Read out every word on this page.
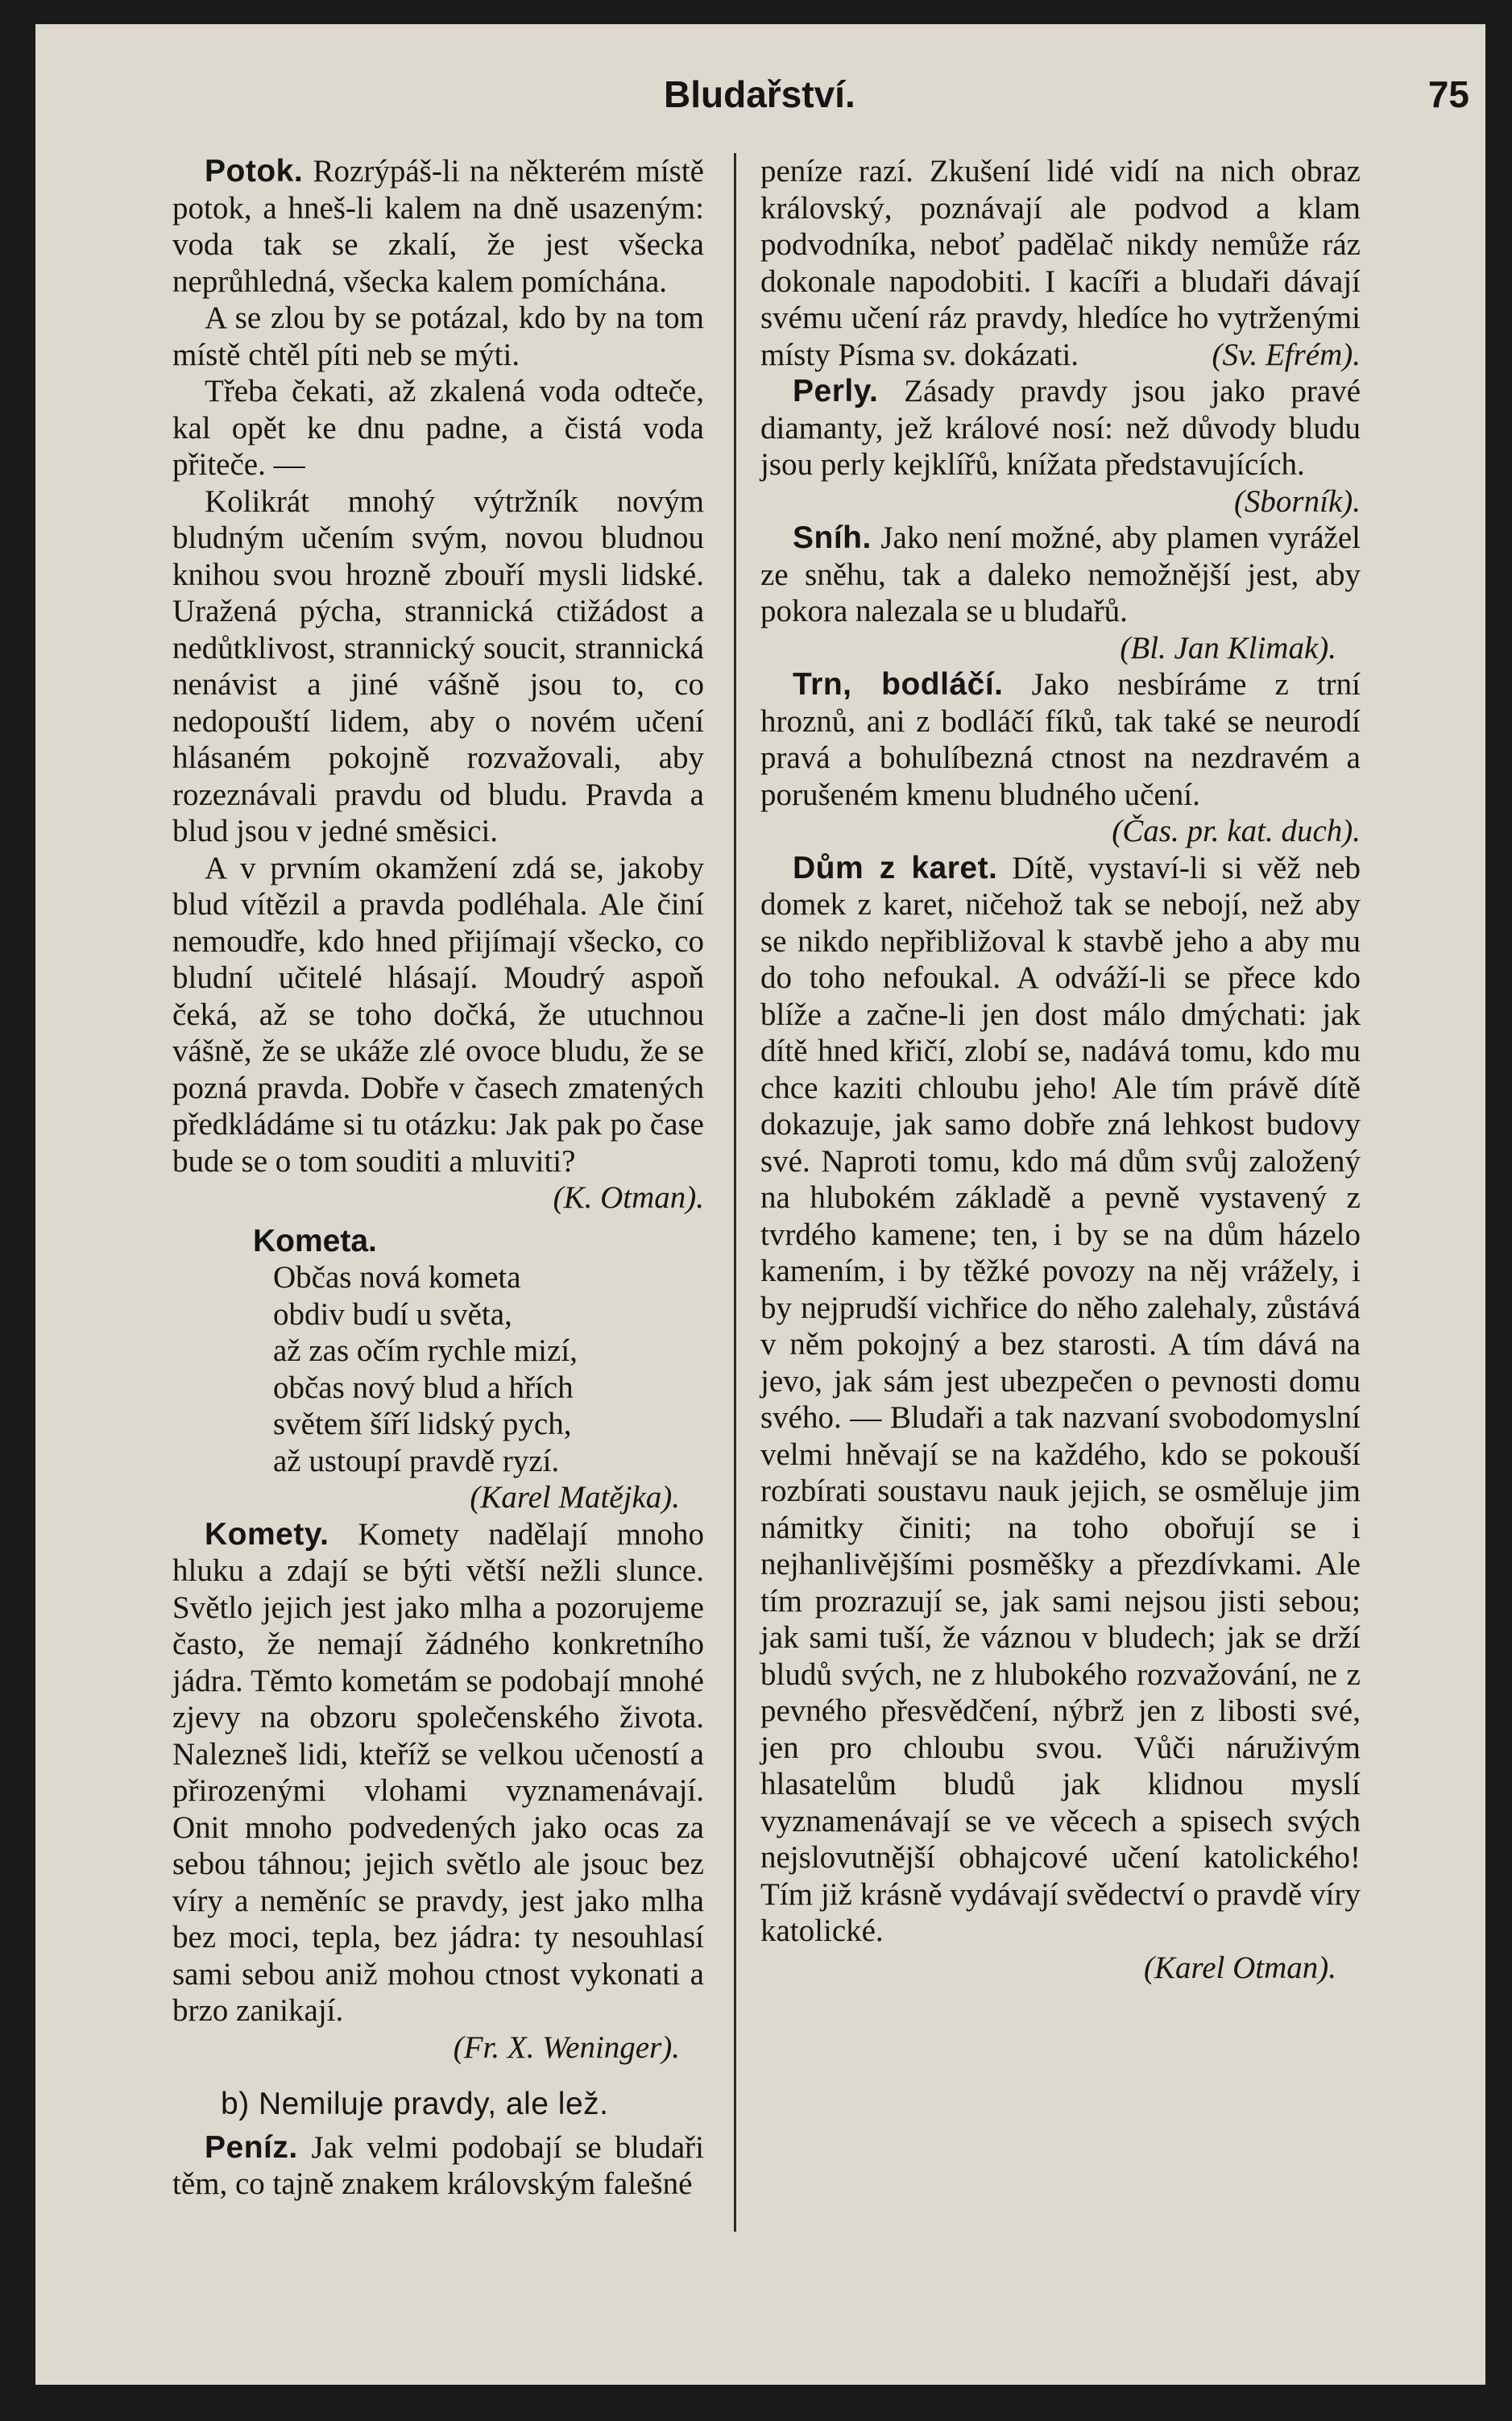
Bludařství.	75

Potok. Rozrýpáš-li na některém místě potok, a hneš-li kalem na dně usazeným: voda tak se zkalí, že jest všecka neprůhledná, všecka kalem pomíchána.

A se zlou by se potázal, kdo by na tom místě chtěl píti neb se mýti.

Třeba čekati, až zkalená voda odteče, kal opět ke dnu padne, a čistá voda přiteče. —

Kolikrát mnohý výtržník novým bludným učením svým, novou bludnou knihou svou hrozně zbouří mysli lidské. Uražená pýcha, strannická ctižádost a nedůtklivost, strannický soucit, strannická nenávist a jiné vášně jsou to, co nedopouští lidem, aby o novém učení hlásaném pokojně rozvažovali, aby rozeznávali pravdu od bludu. Pravda a blud jsou v jedné směsici.

A v prvním okamžení zdá se, jakoby blud vítězil a pravda podléhala. Ale činí nemoudře, kdo hned přijímají všecko, co bludní učitelé hlásají. Moudrý aspoň čeká, až se toho dočká, že utuchnou vášně, že se ukáže zlé ovoce bludu, že se pozná pravda. Dobře v časech zmatených předkládáme si tu otázku: Jak pak po čase bude se o tom souditi a mluviti?
(K. Otman).

Kometa.
Občas nová kometa
obdiv budí u světa,
až zas očím rychle mizí,
občas nový blud a hřích
světem šíří lidský pych,
až ustoupí pravdě ryzí.
(Karel Matějka).

Komety. Komety nadělají mnoho hluku a zdají se býti větší nežli slunce. Světlo jejich jest jako mlha a pozorujeme často, že nemají žádného konkretního jádra. Těmto kometám se podobají mnohé zjevy na obzoru společenského života. Nalezneš lidi, kteříž se velkou učeností a přirozenými vlohami vyznamenávají. Onit mnoho podvedených jako ocas za sebou táhnou; jejich světlo ale jsouc bez víry a neměníc se pravdy, jest jako mlha bez moci, tepla, bez jádra: ty nesouhlasí sami sebou aniž mohou ctnost vykonati a brzo zanikají.

(Fr. X. Weninger).
b) Nemiluje pravdy, ale lež.

Peníz. Jak velmi podobají se bludaři těm, co tajně znakem královským falešné

peníze razí. Zkušení lidé vidí na nich obraz královský, poznávají ale podvod a klam podvodníka, neboť padělač nikdy nemůže ráz dokonale napodobiti. I kacíři a bludaři dávají svému učení ráz pravdy, hledíce ho vytrženými místy Písma sv. dokázati.	(Sv. Efrém).

Perly. Zásady pravdy jsou jako pravé diamanty, jež králové nosí: než důvody bludu jsou perly kejklířů, knížata představujících.
(Sborník).

Sníh. Jako není možné, aby plamen vyrážel ze sněhu, tak a daleko nemožnější jest, aby pokora nalezala se u bludařů.

(Bl. Jan Klimak).

Trn, bodláčí. Jako nesbíráme z trní hroznů, ani z bodláčí fíků, tak také se neurodí pravá a bohulíbezná ctnost na nezdravém a porušeném kmenu bludného učení.
(Čas. pr. kat. duch).

Dům z karet. Dítě, vystaví-li si věž neb domek z karet, ničehož tak se nebojí, než aby se nikdo nepřibližoval k stavbě jeho a aby mu do toho nefoukal. A odváží-li se přece kdo blíže a začne-li jen dost málo dmýchati: jak dítě hned křičí, zlobí se, nadává tomu, kdo mu chce kaziti chloubu jeho! Ale tím právě dítě dokazuje, jak samo dobře zná lehkost budovy své. Naproti tomu, kdo má dům svůj založený na hlubokém základě a pevně vystavený z tvrdého kamene; ten, i by se na dům házelo kamením, i by těžké povozy na něj vrážely, i by nejprudší vichřice do něho zalehaly, zůstává v něm pokojný a bez starosti. A tím dává na jevo, jak sám jest ubezpečen o pevnosti domu svého. — Bludaři a tak nazvaní svobodomyslní velmi hněvají se na každého, kdo se pokouší rozbírati soustavu nauk jejich, se osměluje jim námitky činiti; na toho obořují se i nejhanlivějšími posměšky a přezdívkami. Ale tím prozrazují se, jak sami nejsou jisti sebou; jak sami tuší, že váznou v bludech; jak se drží bludů svých, ne z hlubokého rozvažování, ne z pevného přesvědčení, nýbrž jen z libosti své, jen pro chloubu svou. Vůči náruživým hlasatelům bludů jak klidnou myslí vyznamenávají se ve věcech a spisech svých nejslovutnější obhajcové učení katolického! Tím již krásně vydávají svědectví o pravdě víry katolické.

(Karel Otman).
